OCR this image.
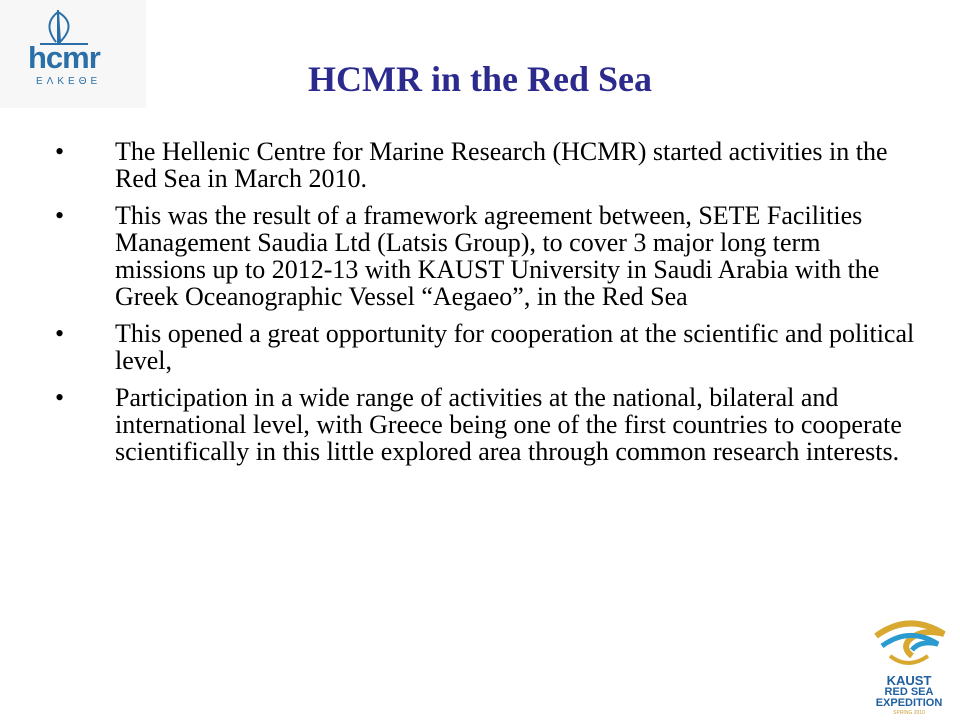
hcmr
ΕΛΚΕΘΕ	HCMR in the Red Sea
• The Hellenic Centre for Marine Research (HCMR) started activities in the Red Sea in March 2010.
• This was the result of a framework agreement between, SETE Facilities Management Saudia Ltd (Latsis Group), to cover 3 major long term missions up to 2012-13 with KAUST University in Saudi Arabia with the Greek Oceanographic Vessel “Aegaeo”, in the Red Sea
• This opened a great opportunity for cooperation at the scientific and political level,
• Participation in a wide range of activities at the national, bilateral and international level, with Greece being one of the first countries to cooperate scientifically in this little explored area through common research interests.
KAUST
RED SEA
EXPEDITION
SPRING 2010
